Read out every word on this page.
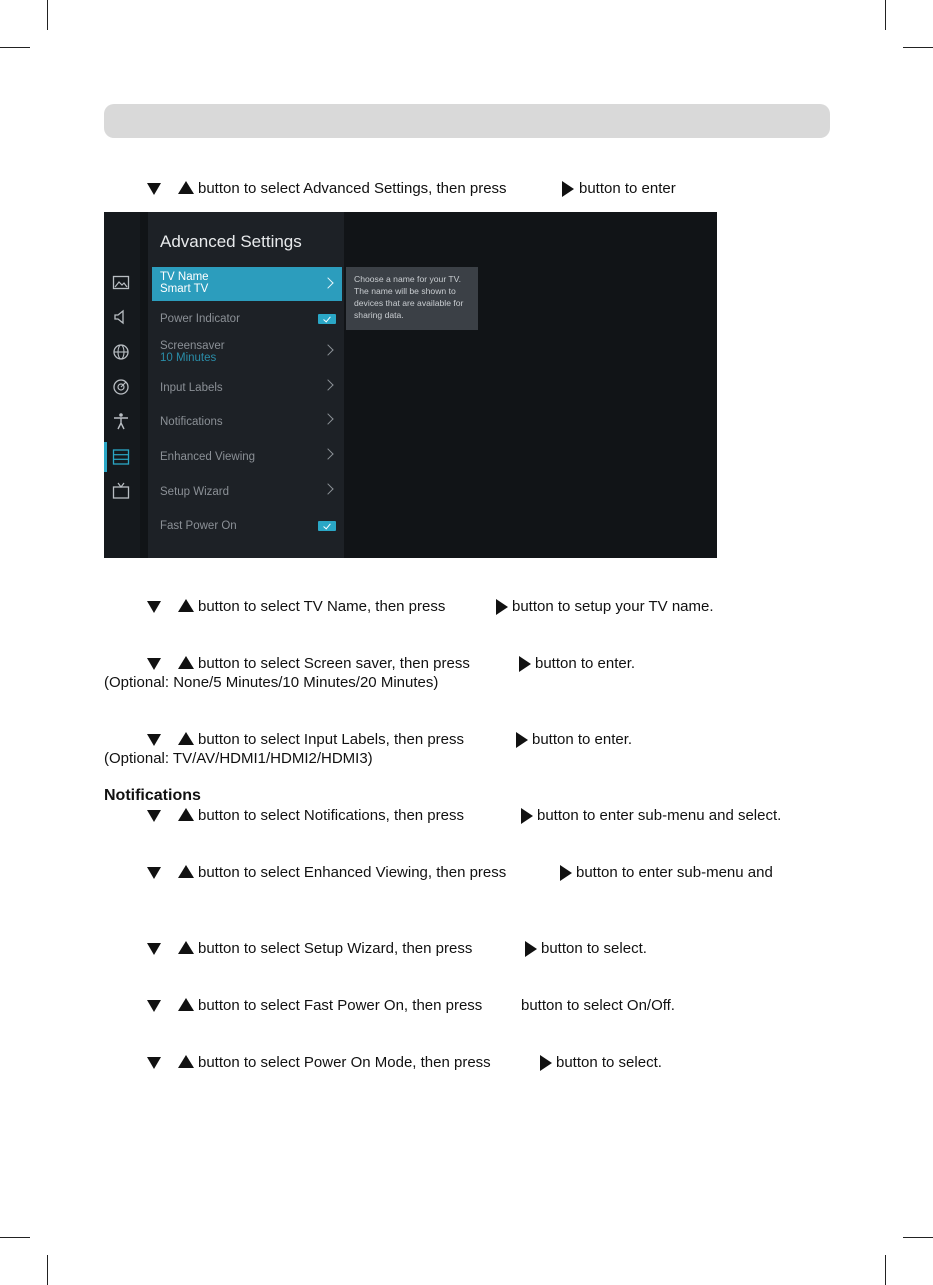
button to select Advanced Settings, then press	button to enter
Advanced Settings
TV Name
Smart TV
Power Indicator
Screensaver
10 Minutes
Input Labels
Notifications
Enhanced Viewing
Setup Wizard
Fast Power On
Choose a name for your TV. The name will be shown to devices that are available for sharing data.
button to select TV Name, then press	button to setup your TV name.
button to select Screen saver, then press	button to enter.
(Optional: None/5 Minutes/10 Minutes/20 Minutes)
button to select Input Labels, then press	button to enter.
(Optional: TV/AV/HDMI1/HDMI2/HDMI3)
Notifications
button to select Notifications, then press	button to enter sub-menu and select.
button to select Enhanced Viewing, then press	button to enter sub-menu and
button to select Setup Wizard, then press	button to select.
button to select Fast Power On, then press	button to select On/Off.
button to select Power On Mode, then press	button to select.
